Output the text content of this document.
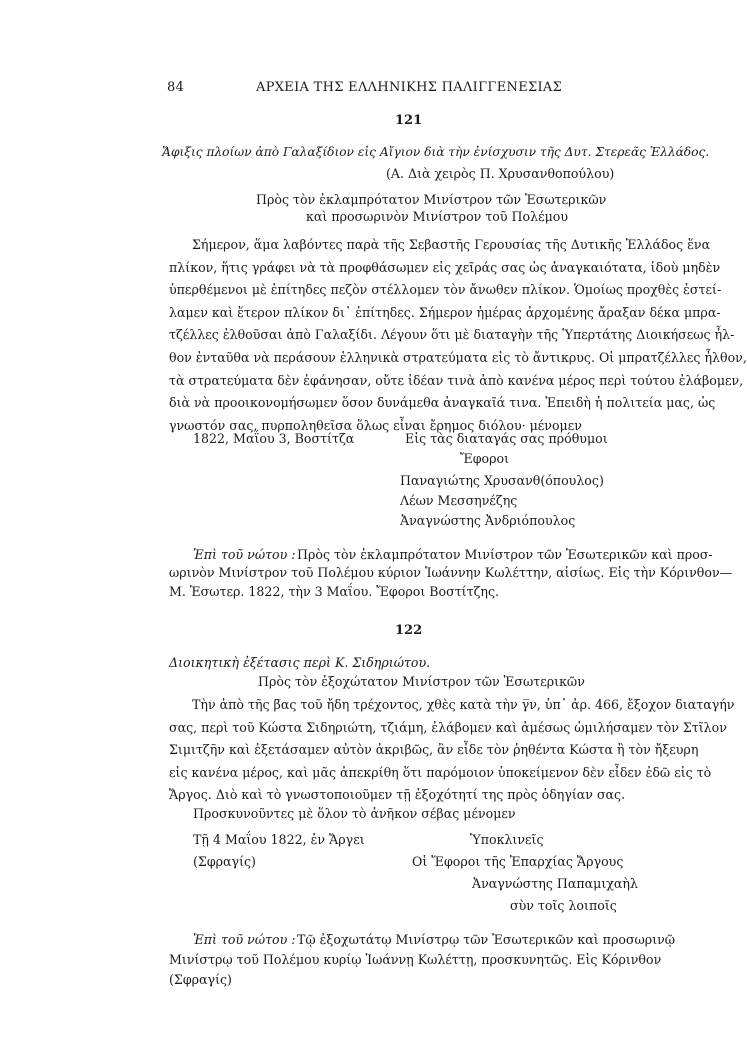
84	ΑΡΧΕΙΑ ΤΗΣ ΕΛΛΗΝΙΚΗΣ ΠΑΛΙΓΓΕΝΕΣΙΑΣ
121
Ἄφιξις πλοίων ἀπὸ Γαλαξίδιον εἰς Αἴγιον διὰ τὴν ἐνίσχυσιν τῆς Δυτ. Στερεᾶς Ἑλλάδος.
(Α. Διὰ χειρὸς Π. Χρυσανθοπούλου)
Πρὸς τὸν ἐκλαμπρότατον Μινίστρον τῶν Ἐσωτερικῶν
καὶ προσωρινὸν Μινίστρον τοῦ Πολέμου
Σήμερον, ἅμα λαβόντες παρὰ τῆς Σεβαστῆς Γερουσίας τῆς Δυτικῆς Ἑλλάδος ἕνα
πλίκον, ἥτις γράφει νὰ τὰ προφθάσωμεν εἰς χεῖράς σας ὡς ἀναγκαιότατα, ἰδοὺ μηδὲν
ὑπερθέμενοι μὲ ἐπίτηδες πεζὸν στέλλομεν τὸν ἄνωθεν πλίκον. Ὁμοίως προχθὲς ἐστεί-
λαμεν καὶ ἕτερον πλίκον δι᾽ ἐπίτηδες. Σήμερον ἡμέρας ἀρχομένης ἄραξαν δέκα μπρα-
τζέλλες ἐλθοῦσαι ἀπὸ Γαλαξίδι. Λέγουν ὅτι μὲ διαταγὴν τῆς Ὑπερτάτης Διοικήσεως ἦλ-
θον ἐνταῦθα νὰ περάσουν ἑλληνικὰ στρατεύματα εἰς τὸ ἄντικρυς. Οἱ μπρατζέλλες ἦλθον,
τὰ στρατεύματα δὲν ἐφάνησαν, οὔτε ἰδέαν τινὰ ἀπὸ κανένα μέρος περὶ τούτου ἐλάβομεν,
διὰ νὰ προοικονομήσωμεν ὅσον δυνάμεθα ἀναγκαῖά τινα. Ἐπειδὴ ἡ πολιτεία μας, ὡς
γνωστόν σας, πυρποληθεῖσα ὅλως εἶναι ἔρημος διόλου· μένομεν
1822, Μαΐου 3, Βοστίτζα	Εἰς τὰς διαταγάς σας πρόθυμοι
Ἔφοροι
Παναγιώτης Χρυσανθ(όπουλος)
Λέων Μεσσηνέζης
Ἀναγνώστης Ἀνδριόπουλος
Ἐπὶ τοῦ νώτου : Πρὸς τὸν ἐκλαμπρότατον Μινίστρον τῶν Ἐσωτερικῶν καὶ προσ-
ωρινὸν Μινίστρον τοῦ Πολέμου κύριον Ἰωάννην Κωλέττην, αἰσίως. Εἰς τὴν Κόρινθον—
Μ. Ἐσωτερ. 1822, τὴν 3 Μαΐου. Ἔφοροι Βοστίτζης.
122
Διοικητικὴ ἐξέτασις περὶ Κ. Σιδηριώτου.
Πρὸς τὸν ἐξοχώτατον Μινίστρον τῶν Ἐσωτερικῶν
Τὴν ἀπὸ τῆς β̅ας τοῦ ἤδη τρέχοντος, χθὲς κατὰ τὴν γ̅ν, ὑπ᾽ ἀρ. 466, ἔξοχον διαταγήν
σας, περὶ τοῦ Κώστα Σιδηριώτη, τζιάμη, ἐλάβομεν καὶ ἀμέσως ὡμιλήσαμεν τὸν Στῖλον
Σιμιτζῆν καὶ ἐξετάσαμεν αὐτὸν ἀκριβῶς, ἂν εἶδε τὸν ῥηθέντα Κώστα ἢ τὸν ἤξευρη
εἰς κανένα μέρος, καὶ μᾶς ἀπεκρίθη ὅτι παρόμοιον ὑποκείμενον δὲν εἶδεν ἐδῶ εἰς τὸ
Ἄργος. Διὸ καὶ τὸ γνωστοποιοῦμεν τῇ ἐξοχότητί της πρὸς ὁδηγίαν σας.
Προσκυνοῦντες μὲ ὅλον τὸ ἀνῆκον σέβας μένομεν
Τῇ 4 Μαΐου 1822, ἐν Ἄργει	Ὑποκλινεῖς
(Σφραγίς)	Οἱ Ἔφοροι τῆς Ἐπαρχίας Ἄργους
Ἀναγνώστης Παπαμιχαὴλ
σὺν τοῖς λοιποῖς
Ἐπὶ τοῦ νώτου : Τῷ ἐξοχωτάτῳ Μινίστρῳ τῶν Ἐσωτερικῶν καὶ προσωρινῷ
Μινίστρῳ τοῦ Πολέμου κυρίῳ Ἰωάννῃ Κωλέττῃ, προσκυνητῶς. Εἰς Κόρινθον
(Σφραγίς)
